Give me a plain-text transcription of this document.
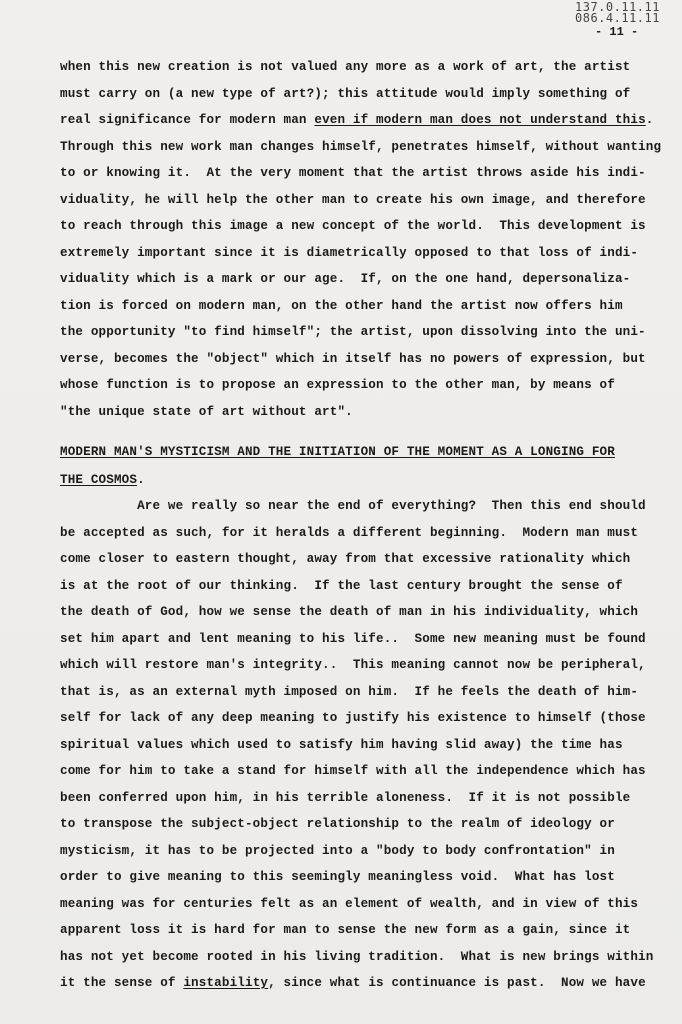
137.0.11.11
086.4.11.11
- 11 -
when this new creation is not valued any more as a work of art, the artist
must carry on (a new type of art?); this attitude would imply something of
real significance for modern man even if modern man does not understand this.
Through this new work man changes himself, penetrates himself, without wanting
to or knowing it.  At the very moment that the artist throws aside his indi-
viduality, he will help the other man to create his own image, and therefore
to reach through this image a new concept of the world.  This development is
extremely important since it is diametrically opposed to that loss of indi-
viduality which is a mark or our age.  If, on the one hand, depersonaliza-
tion is forced on modern man, on the other hand the artist now offers him
the opportunity "to find himself"; the artist, upon dissolving into the uni-
verse, becomes the "object" which in itself has no powers of expression, but
whose function is to propose an expression to the other man, by means of
"the unique state of art without art".
MODERN MAN'S MYSTICISM AND THE INITIATION OF THE MOMENT AS A LONGING FOR
THE COSMOS.
Are we really so near the end of everything?  Then this end should
be accepted as such, for it heralds a different beginning.  Modern man must
come closer to eastern thought, away from that excessive rationality which
is at the root of our thinking.  If the last century brought the sense of
the death of God, how we sense the death of man in his individuality, which
set him apart and lent meaning to his life..  Some new meaning must be found
which will restore man's integrity..  This meaning cannot now be peripheral,
that is, as an external myth imposed on him.  If he feels the death of him-
self for lack of any deep meaning to justify his existence to himself (those
spiritual values which used to satisfy him having slid away) the time has
come for him to take a stand for himself with all the independence which has
been conferred upon him, in his terrible aloneness.  If it is not possible
to transpose the subject-object relationship to the realm of ideology or
mysticism, it has to be projected into a "body to body confrontation" in
order to give meaning to this seemingly meaningless void.  What has lost
meaning was for centuries felt as an element of wealth, and in view of this
apparent loss it is hard for man to sense the new form as a gain, since it
has not yet become rooted in his living tradition.  What is new brings within
it the sense of instability, since what is continuance is past.  Now we have
